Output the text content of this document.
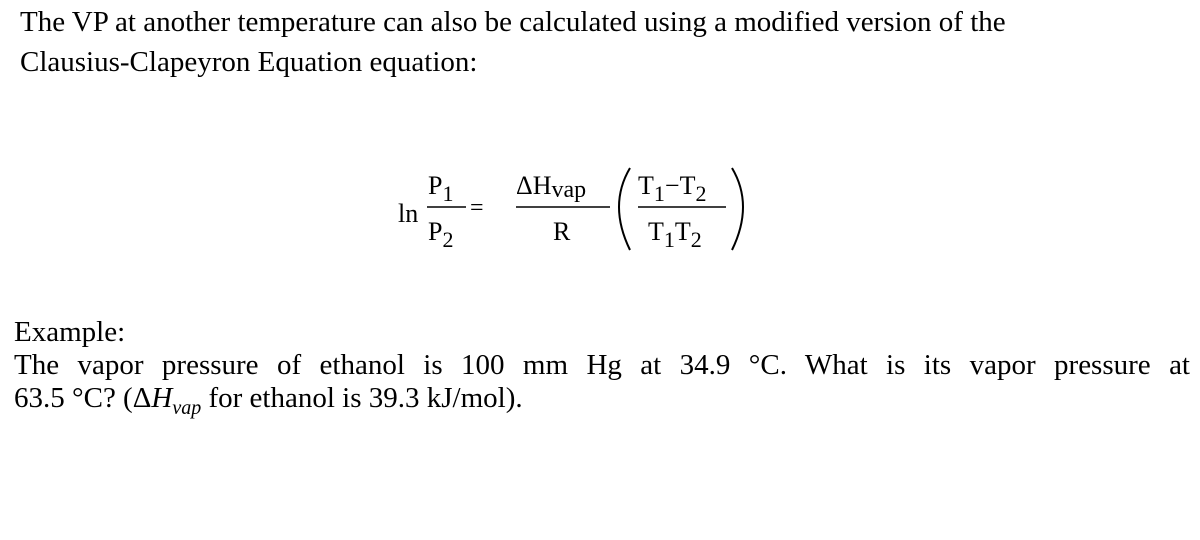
The VP at another temperature can also be calculated using a modified version of the
Clausius-Clapeyron Equation equation:
ln
$P_1$
$P_2$
=
ΔHvap
R
$T_1-T_2$
$T_1T_2$
Example:
The vapor pressure of ethanol is 100 mm Hg at 34.9 °C. What is its vapor pressure at
63.5 °C? ($\Delta H_{vap}$ for ethanol is 39.3 kJ/mol).
